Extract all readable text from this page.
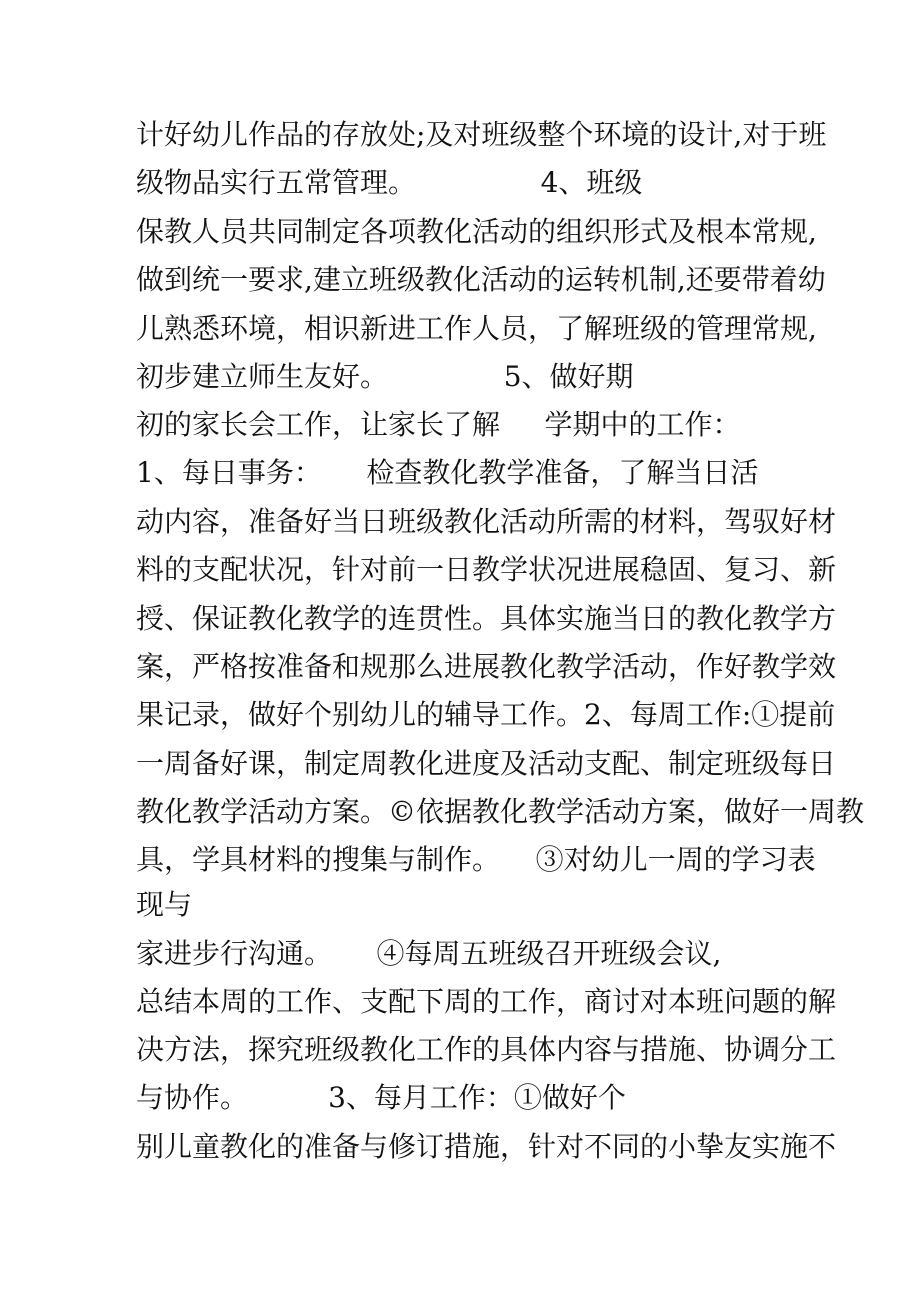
计好幼儿作品的存放处;及对班级整个环境的设计,对于班
级物品实行五常管理。              4、班级
保教人员共同制定各项教化活动的组织形式及根本常规,
做到统一要求,建立班级教化活动的运转机制,还要带着幼
儿熟悉环境，相识新进工作人员，了解班级的管理常规,
初步建立师生友好。             5、做好期
初的家长会工作，让家长了解     学期中的工作：
1、每日事务：     检查教化教学准备，了解当日活
动内容，准备好当日班级教化活动所需的材料，驾驭好材
料的支配状况，针对前一日教学状况进展稳固、复习、新
授、保证教化教学的连贯性。具体实施当日的教化教学方
案，严格按准备和规那么进展教化教学活动，作好教学效
果记录，做好个别幼儿的辅导工作。2、每周工作:①提前
一周备好课，制定周教化进度及活动支配、制定班级每日
教化教学活动方案。©依据教化教学活动方案，做好一周教
具，学具材料的搜集与制作。    ③对幼儿一周的学习表
现与
家进步行沟通。     ④每周五班级召开班级会议,
总结本周的工作、支配下周的工作，商讨对本班问题的解
决方法，探究班级教化工作的具体内容与措施、协调分工
与协作。         3、每月工作：①做好个
别儿童教化的准备与修订措施，针对不同的小挚友实施不
